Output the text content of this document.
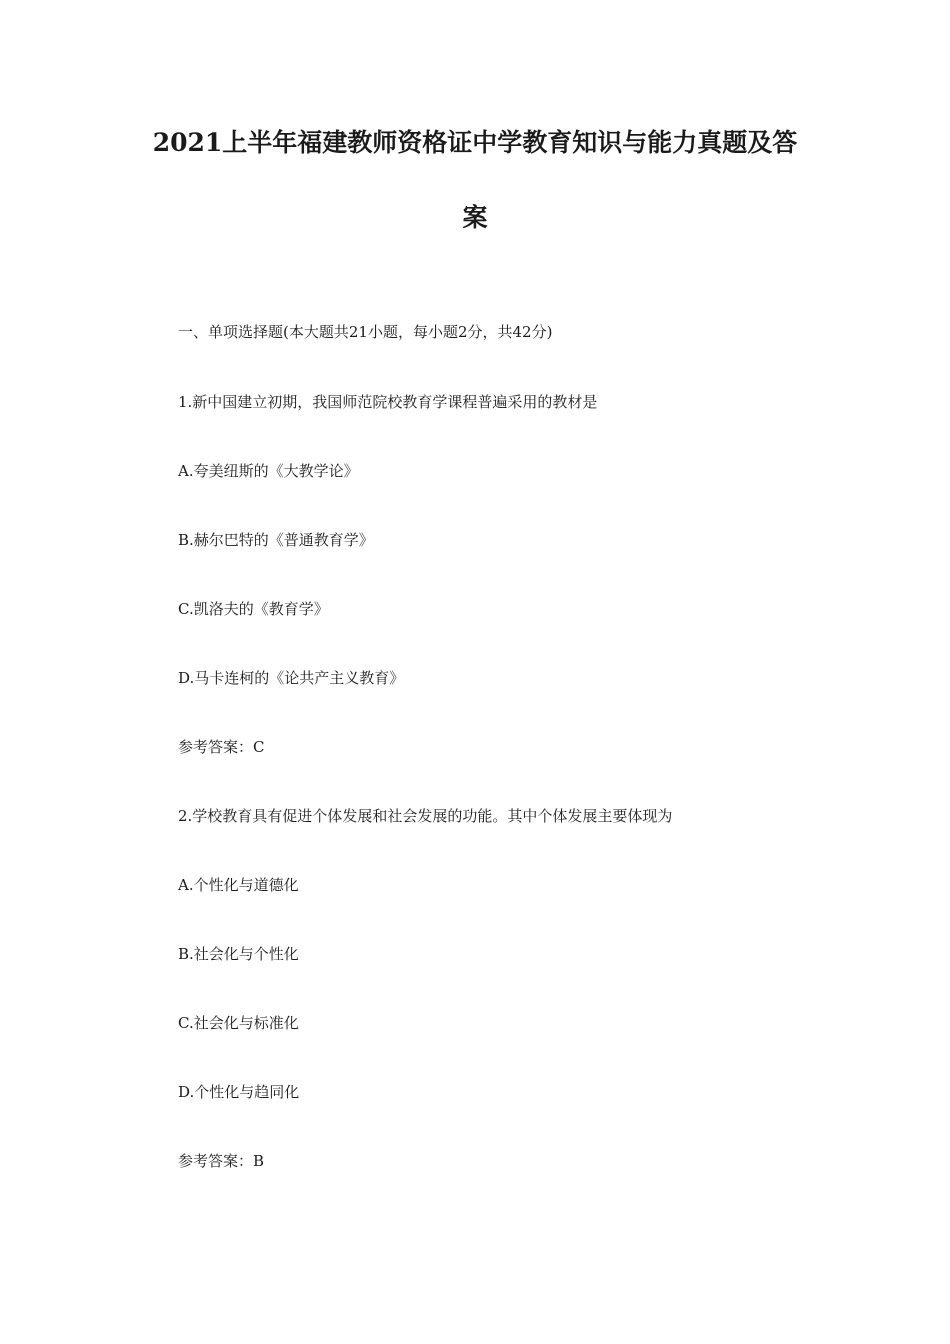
2021上半年福建教师资格证中学教育知识与能力真题及答
案
一、单项选择题(本大题共21小题，每小题2分，共42分)
1.新中国建立初期，我国师范院校教育学课程普遍采用的教材是
A.夸美纽斯的《大教学论》
B.赫尔巴特的《普通教育学》
C.凯洛夫的《教育学》
D.马卡连柯的《论共产主义教育》
参考答案：C
2.学校教育具有促进个体发展和社会发展的功能。其中个体发展主要体现为
A.个性化与道德化
B.社会化与个性化
C.社会化与标准化
D.个性化与趋同化
参考答案：B
